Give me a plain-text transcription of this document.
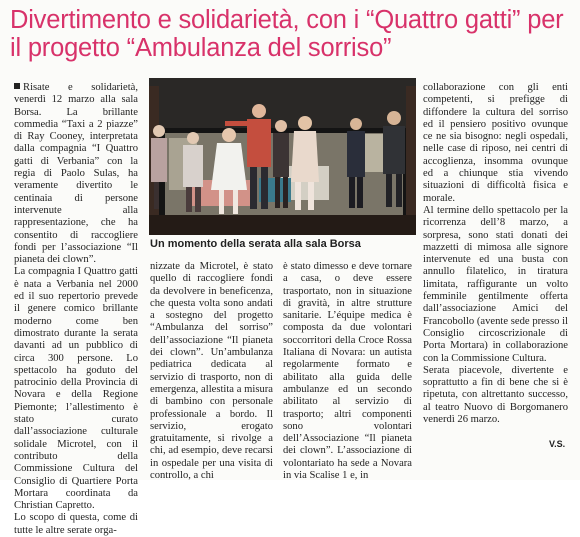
Divertimento e solidarietà, con i “Quattro gatti” per il progetto “Ambulanza del sorriso”

Risate e solidarietà, venerdì 12 marzo alla sala Borsa. La brillante commedia “Taxi a 2 piazze” di Ray Cooney, interpretata dalla compagnia “I Quattro gatti di Verbania” con la regia di Paolo Sulas, ha veramente divertito le centinaia di persone intervenute alla rappresentazione, che ha consentito di raccogliere fondi per l’associazione “Il pianeta dei clown”.

La compagnia I Quattro gatti è nata a Verbania nel 2000 ed il suo repertorio prevede il genere comico brillante moderno come ben dimostrato durante la serata davanti ad un pubblico di circa 300 persone. Lo spettacolo ha goduto del patrocinio della Provincia di Novara e della Regione Piemonte; l’allestimento è stato curato dall’associazione culturale solidale Microtel, con il contributo della Commissione Cultura del Consiglio di Quartiere Porta Mortara coordinata da Christian Capretto.

Lo scopo di questa, come di tutte le altre serate orga-

Un momento della serata alla sala Borsa

nizzate da Microtel, è stato quello di raccogliere fondi da devolvere in beneficenza, che questa volta sono andati a sostegno del progetto “Ambulanza del sorriso” dell’associazione “Il pianeta dei clown”. Un’ambulanza pediatrica dedicata al servizio di trasporto, non di emergenza, allestita a misura di bambino con personale professionale a bordo. Il servizio, erogato gratuitamente, si rivolge a chi, ad esempio, deve recarsi in ospedale per una visita di controllo, a chi

è stato dimesso e deve tornare a casa, o deve essere trasportato, non in situazione di gravità, in altre strutture sanitarie. L’équipe medica è composta da due volontari soccorritori della Croce Rossa Italiana di Novara: un autista regolarmente formato e abilitato alla guida delle ambulanze ed un secondo abilitato al servizio di trasporto; altri componenti sono volontari dell’Associazione “Il pianeta dei clown”. L’associazione di volontariato ha sede a Novara in via Scalise 1 e, in

collaborazione con gli enti competenti, si prefigge di diffondere la cultura del sorriso ed il pensiero positivo ovunque ce ne sia bisogno: negli ospedali, nelle case di riposo, nei centri di accoglienza, insomma ovunque ed a chiunque stia vivendo situazioni di difficoltà fisica e morale.

Al termine dello spettacolo per la ricorrenza dell’8 marzo, a sorpresa, sono stati donati dei mazzetti di mimosa alle signore intervenute ed una busta con annullo filatelico, in tiratura limitata, raffigurante un volto femminile gentilmente offerta dall’associazione Amici del Francobollo (avente sede presso il Consiglio circoscrizionale di Porta Mortara) in collaborazione con la Commissione Cultura.

Serata piacevole, divertente e soprattutto a fin di bene che si è ripetuta, con altrettanto successo, al teatro Nuovo di Borgomanero venerdì 26 marzo.

V.S.
